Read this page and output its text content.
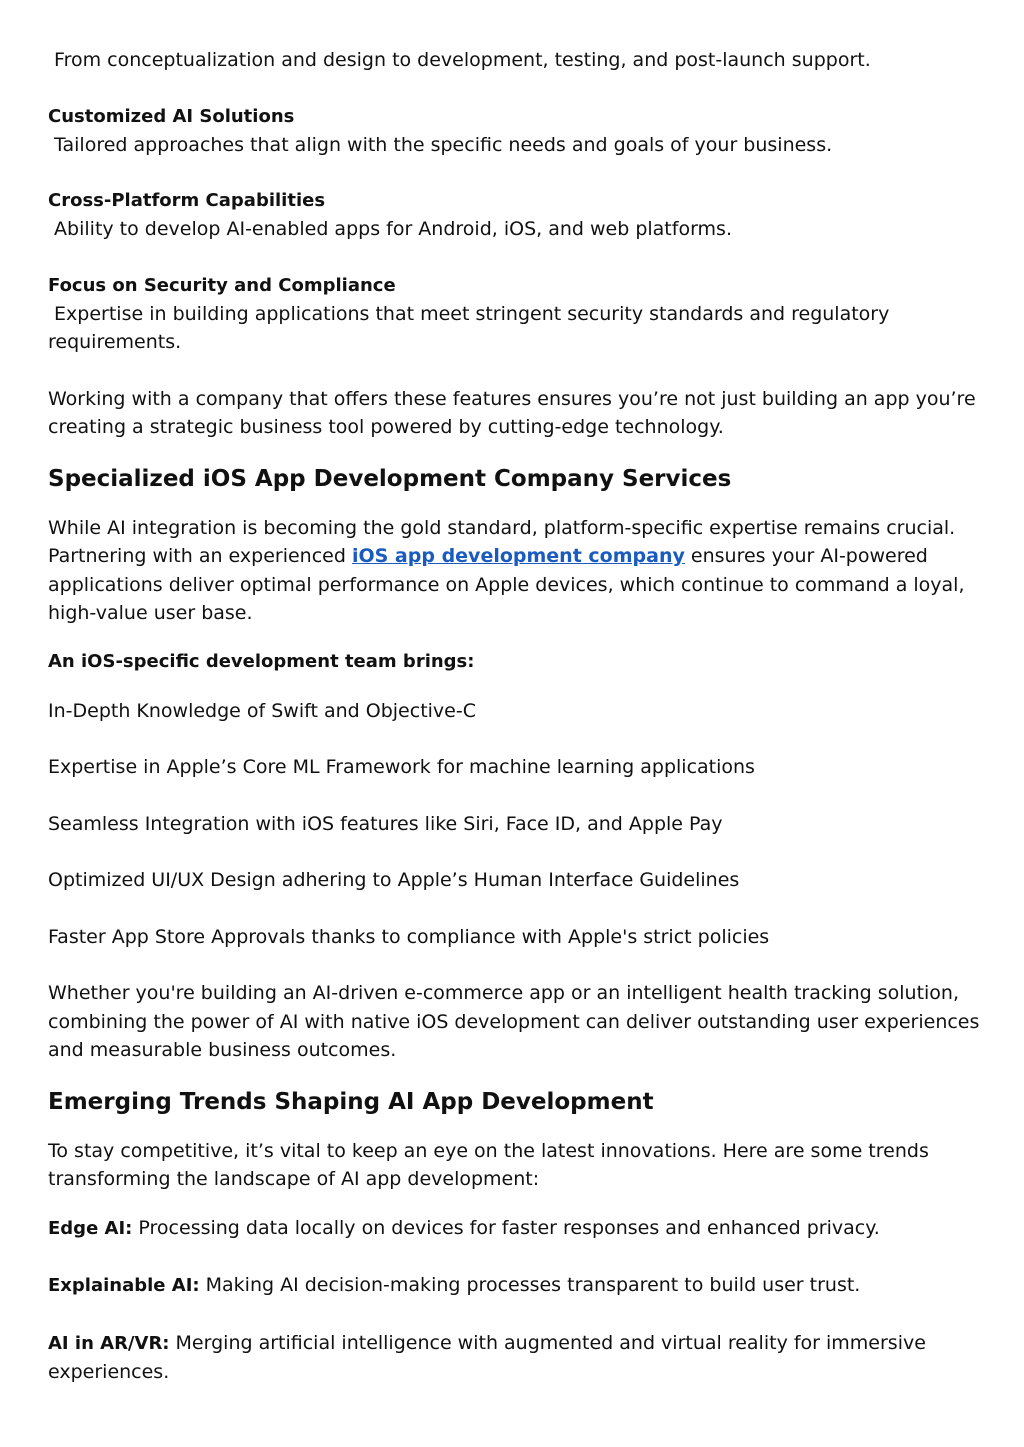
From conceptualization and design to development, testing, and post-launch support.

Customized AI Solutions

Tailored approaches that align with the specific needs and goals of your business.

Cross-Platform Capabilities

Ability to develop AI-enabled apps for Android, iOS, and web platforms.

Focus on Security and Compliance

Expertise in building applications that meet stringent security standards and regulatory requirements.

Working with a company that offers these features ensures you’re not just building an app you’re creating a strategic business tool powered by cutting-edge technology.

Specialized iOS App Development Company Services

While AI integration is becoming the gold standard, platform-specific expertise remains crucial. Partnering with an experienced iOS app development company ensures your AI-powered applications deliver optimal performance on Apple devices, which continue to command a loyal, high-value user base.

An iOS-specific development team brings:

In-Depth Knowledge of Swift and Objective-C

Expertise in Apple’s Core ML Framework for machine learning applications

Seamless Integration with iOS features like Siri, Face ID, and Apple Pay

Optimized UI/UX Design adhering to Apple’s Human Interface Guidelines

Faster App Store Approvals thanks to compliance with Apple's strict policies

Whether you're building an AI-driven e-commerce app or an intelligent health tracking solution, combining the power of AI with native iOS development can deliver outstanding user experiences and measurable business outcomes.

Emerging Trends Shaping AI App Development

To stay competitive, it’s vital to keep an eye on the latest innovations. Here are some trends transforming the landscape of AI app development:

Edge AI: Processing data locally on devices for faster responses and enhanced privacy.

Explainable AI: Making AI decision-making processes transparent to build user trust.

AI in AR/VR: Merging artificial intelligence with augmented and virtual reality for immersive experiences.
